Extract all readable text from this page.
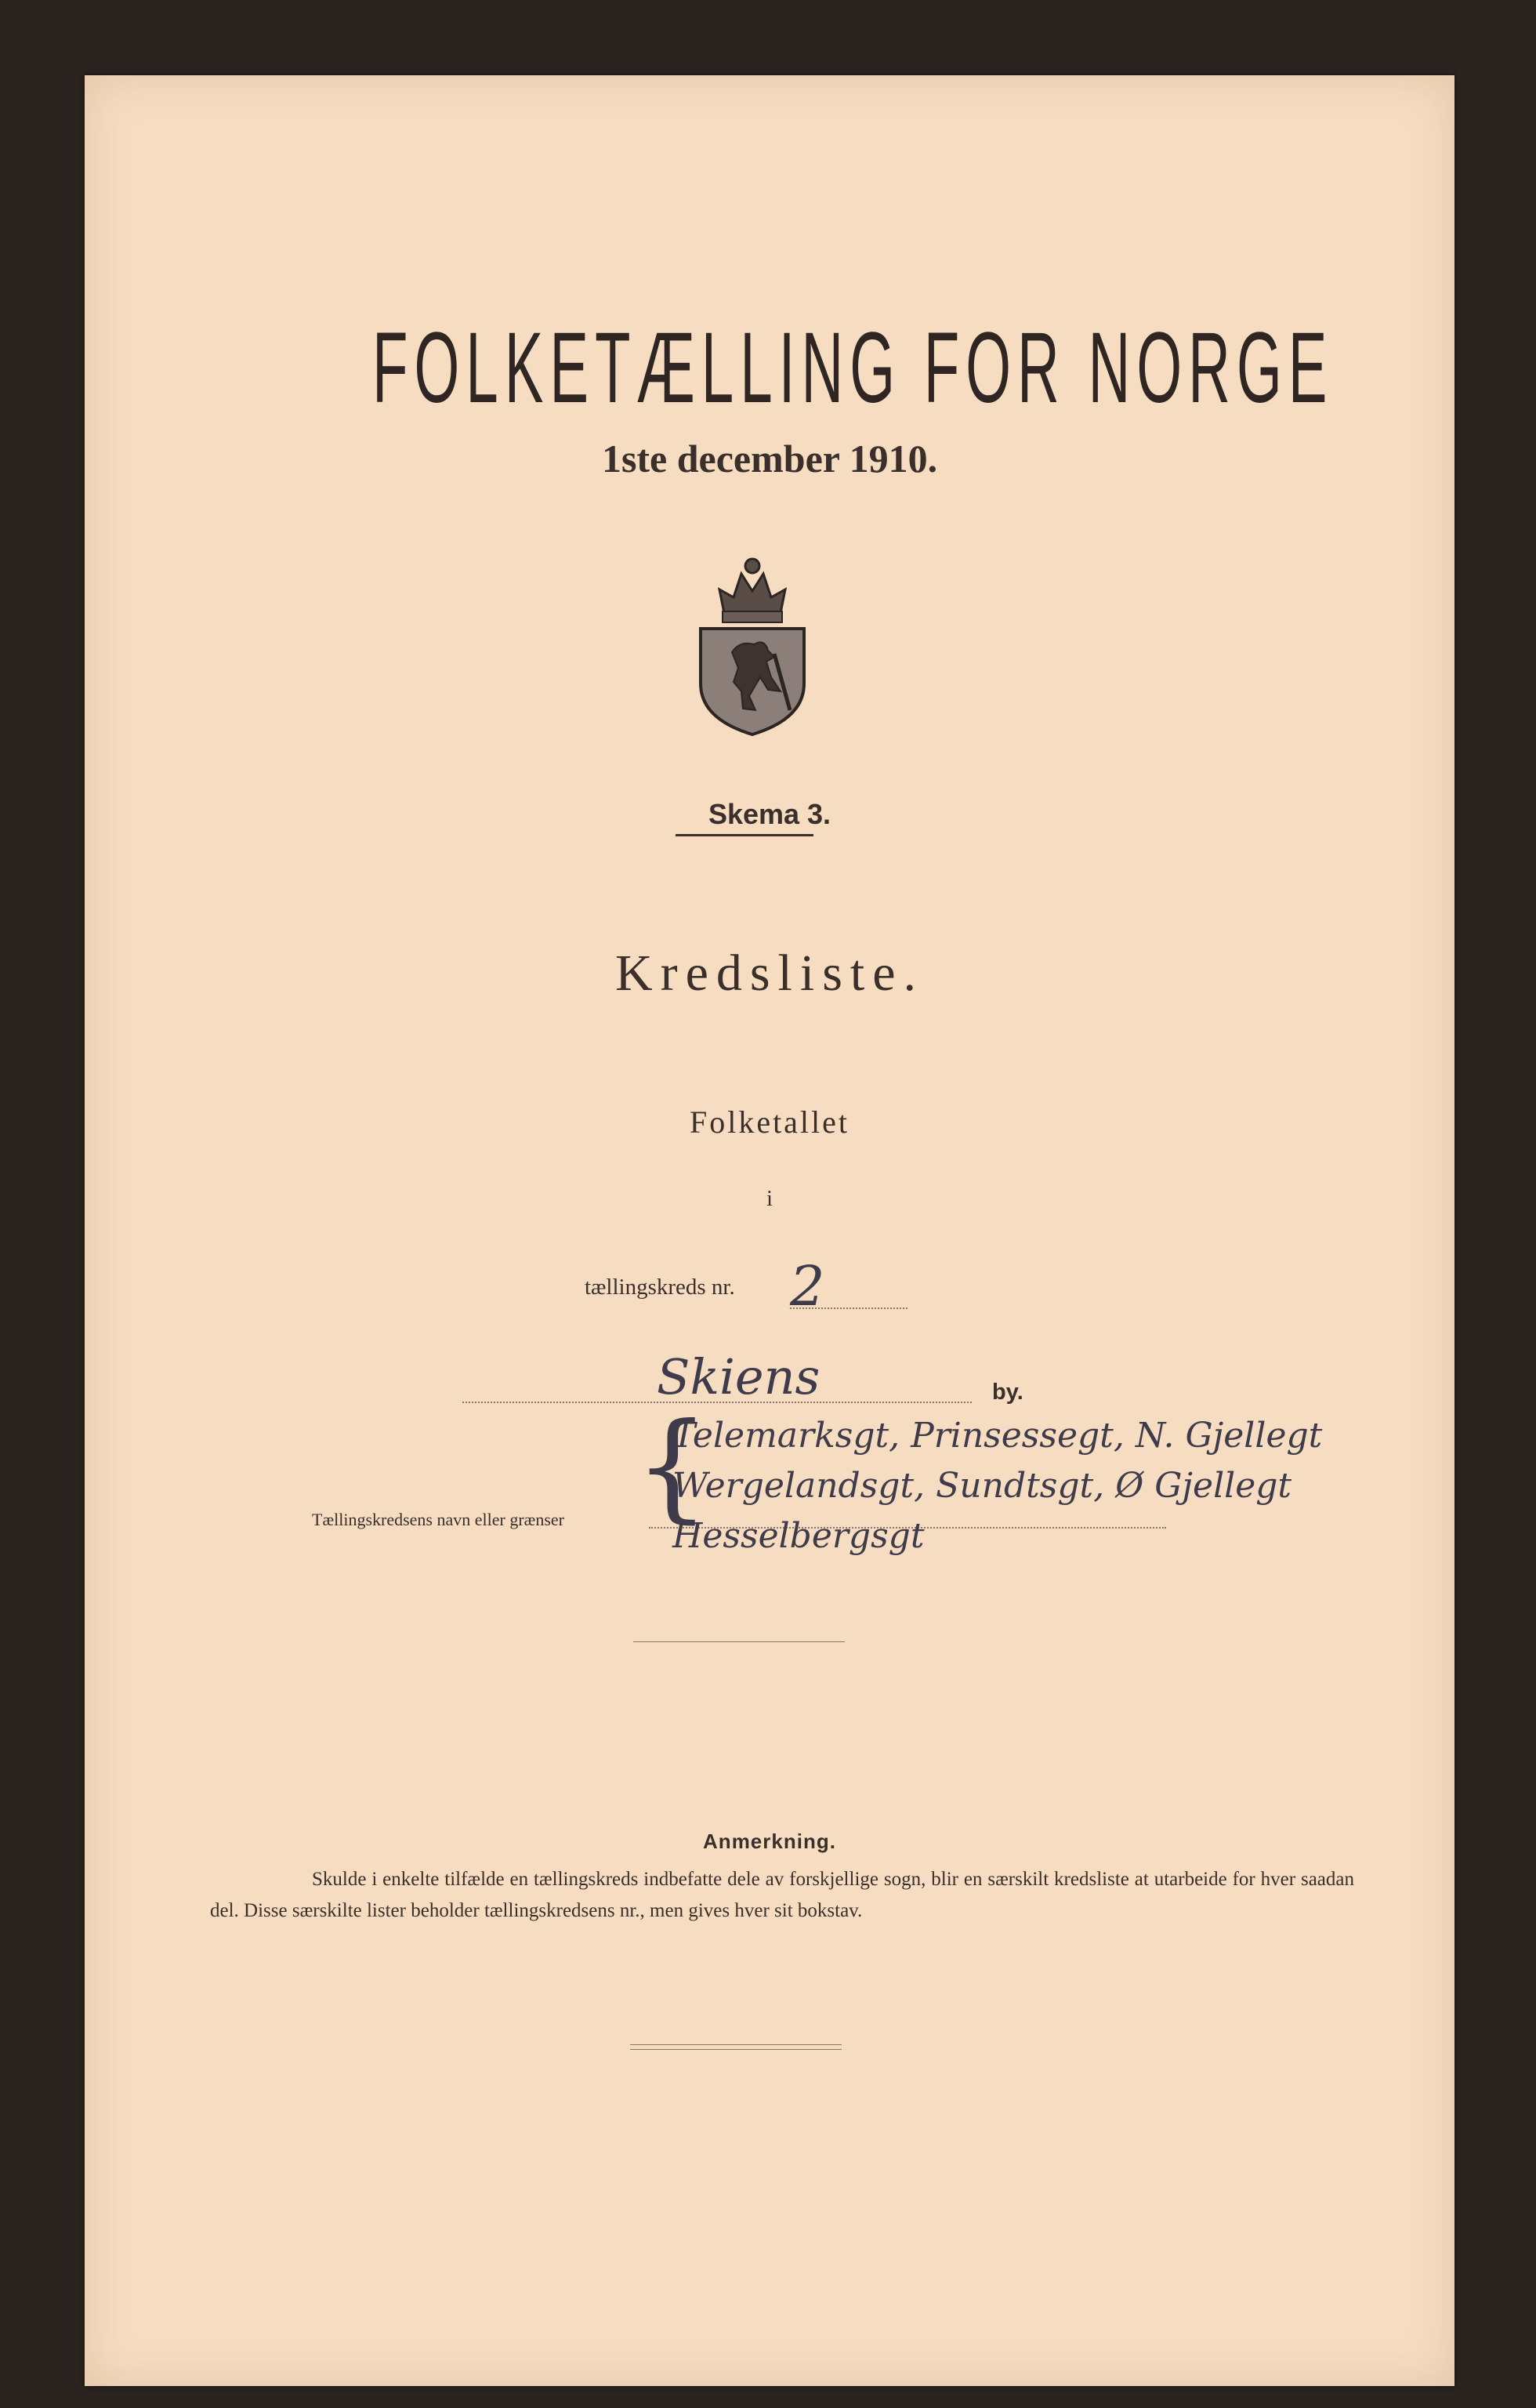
FOLKETÆLLING FOR NORGE
1ste december 1910.
Skema 3.
Kredsliste.
Folketallet
i
tællingskreds nr. 2
Skiens	by.
Tællingskredsens navn eller grænser {
Telemarksgt, Prinsessegt, N. Gjellegt
Wergelandsgt, Sundtsgt, Ø Gjellegt
Hesselbergsgt
Anmerkning.
Skulde i enkelte tilfælde en tællingskreds indbefatte dele av forskjellige sogn, blir en særskilt kredsliste at utarbeide for hver saadan del. Disse særskilte lister beholder tællingskredsens nr., men gives hver sit bokstav.
